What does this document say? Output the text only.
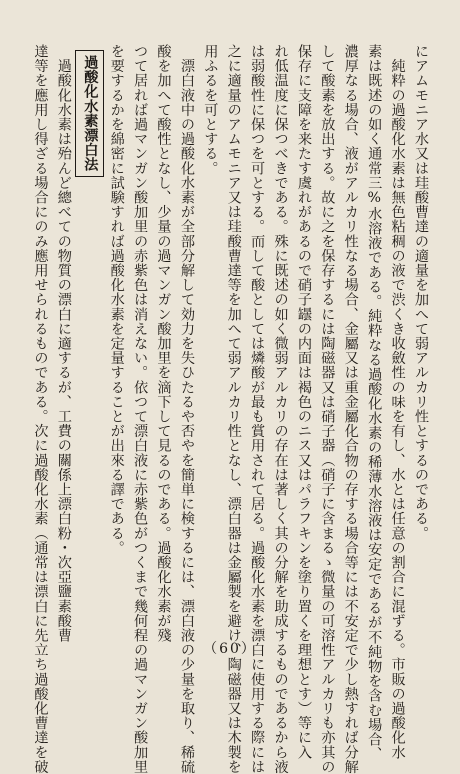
にアムモニア水又は珪酸曹達の適量を加へて弱アルカリ性とするのである。
　純粋の過酸化水素は無色粘稠の液で渋くき收斂性の味を有し、水とは任意の割合に混ずる。市販の過酸化水
素は既述の如く通常三%水溶液である。純粋なる過酸化水素の稀薄水溶液は安定であるが不純物を含む場合、
濃厚なる場合、液がアルカリ性なる場合、金屬又は重金屬化合物の存する場合等には不安定で少し熱すれば分解
して酸素を放出する。故に之を保存するには陶磁器又は硝子器（硝子に含まるゝ微量の可溶性アルカリも亦其の
保存に支障を来たす虞れがあるので硝子罎の内面は褐色のニス又はパラフキンを塗り置くを理想とす）等に入
れ低温度に保つべきである。殊に既述の如く微弱アルカリの存在は著しく其の分解を助成するものであるから液
は弱酸性に保つを可とする。而して酸としては燐酸が最も賞用されて居る。過酸化水素を漂白に使用する際には
之に適量のアムモニア又は珪酸曹達等を加へて弱アルカリ性となし、漂白器は金屬製を避け、陶磁器又は木製を
用ふるを可とする。
　漂白液中の過酸化水素が全部分解して効力を失ひたるや否やを簡単に検するには、漂白液の少量を取り、稀硫
酸を加へて酸性となし、少量の過マンガン酸加里を滴下して見るのである。過酸化水素が殘
つて居れば過マンガン酸加里の赤紫色は消えない。依つて漂白液に赤紫色がつくまで幾何程の過マンガン酸加里
を要するかを綿密に試験すれば過酸化水素を定量することが出來る譯である。
過酸化水素漂白法
　過酸化水素は殆んど總べての物質の漂白に適するが、工費の關係上漂白粉・次亞鹽素酸曹
達等を應用し得ざる場合にのみ應用せられるものである。次に過酸化水素（通常は漂白に先立ち過酸化曹達を破	（60）
